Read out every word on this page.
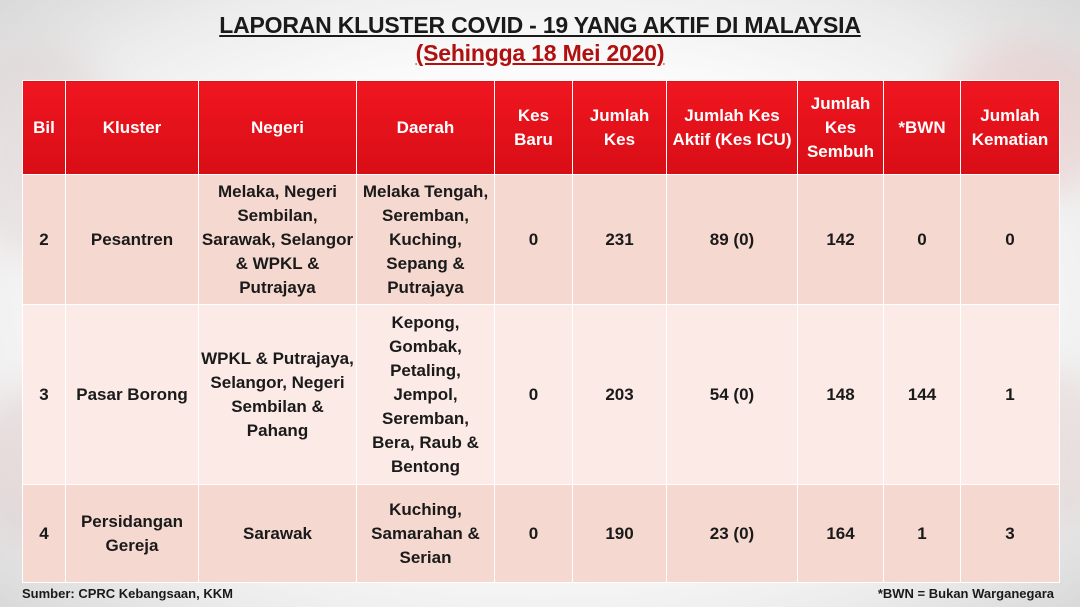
LAPORAN KLUSTER COVID - 19 YANG AKTIF DI MALAYSIA
(Sehingga 18 Mei 2020)
Bil	Kluster	Negeri	Daerah	Kes Baru	Jumlah Kes	Jumlah Kes Aktif (Kes ICU)	Jumlah Kes Sembuh	*BWN	Jumlah Kematian
2	Pesantren	Melaka, Negeri Sembilan, Sarawak, Selangor & WPKL & Putrajaya	Melaka Tengah, Seremban, Kuching, Sepang & Putrajaya	0	231	89 (0)	142	0	0
3	Pasar Borong	WPKL & Putrajaya, Selangor, Negeri Sembilan & Pahang	Kepong, Gombak, Petaling, Jempol, Seremban, Bera, Raub & Bentong	0	203	54 (0)	148	144	1
4	Persidangan Gereja	Sarawak	Kuching, Samarahan & Serian	0	190	23 (0)	164	1	3
Sumber: CPRC Kebangsaan, KKM	*BWN = Bukan Warganegara
